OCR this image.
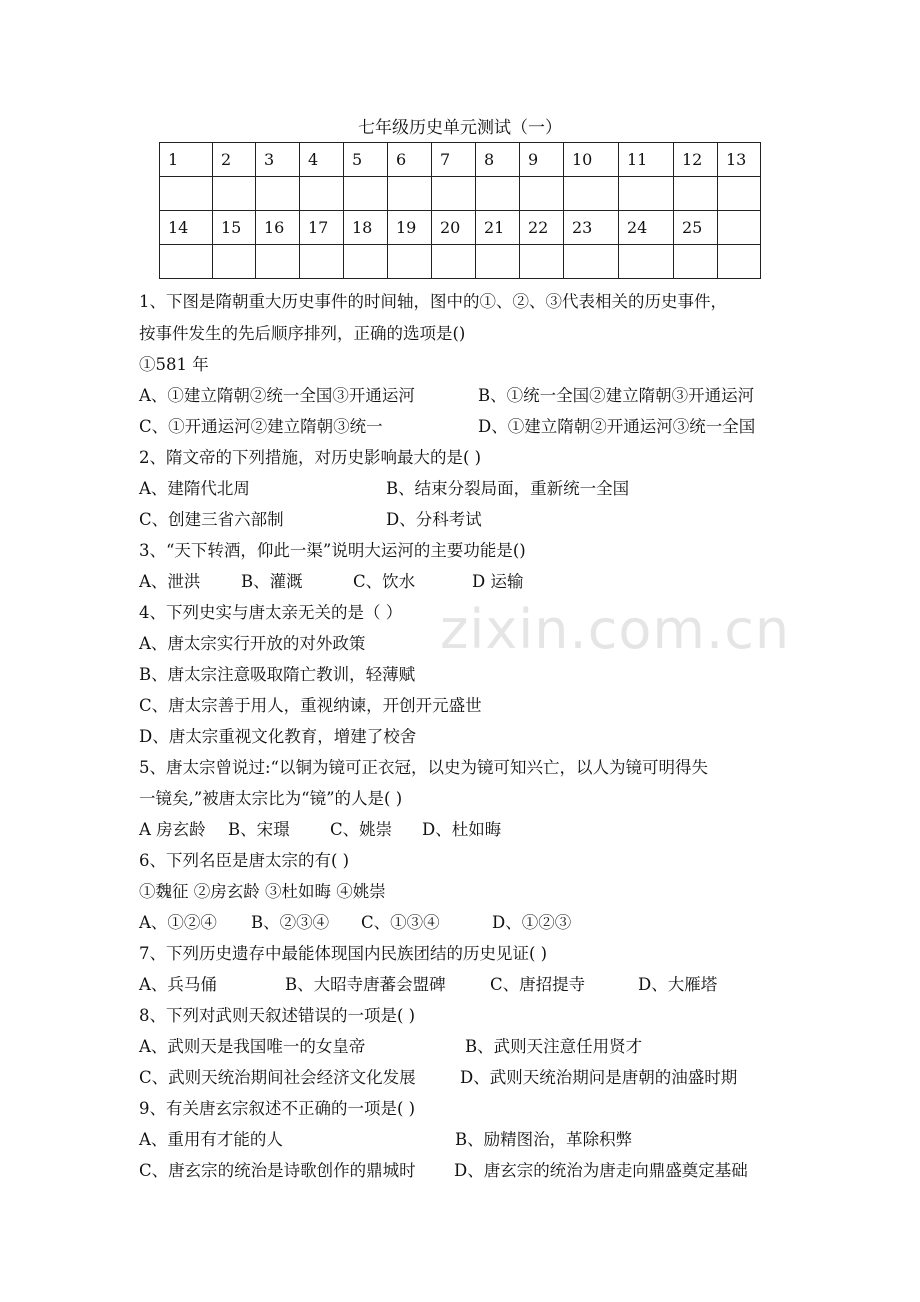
七年级历史单元测试（一）
1	2	3	4	5	6	7	8	9	10	11	12	13

14	15	16	17	18	19	20	21	22	23	24	25	

zixin.com.cn
1、下图是隋朝重大历史事件的时间轴，图中的①、②、③代表相关的历史事件，
按事件发生的先后顺序排列，正确的选项是()
①581 年
A、①建立隋朝②统一全国③开通运河	B、①统一全国②建立隋朝③开通运河
C、①开通运河②建立隋朝③统一	D、①建立隋朝②开通运河③统一全国
2、隋文帝的下列措施，对历史影响最大的是( )
A、建隋代北周	B、结束分裂局面，重新统一全国
C、创建三省六部制	D、分科考试
3、“天下转酒，仰此一渠”说明大运河的主要功能是()
A、泄洪 B、灌溉	C、饮水	D 运输
4、下列史实与唐太亲无关的是（ ）
A、唐太宗实行开放的对外政策
B、唐太宗注意吸取隋亡教训，轻薄赋
C、唐太宗善于用人，重视纳谏，开创开元盛世
D、唐太宗重视文化教育，增建了校舍
5、唐太宗曾说过:“以铜为镜可正衣冠，以史为镜可知兴亡，以人为镜可明得失
一镜矣,”被唐太宗比为“镜”的人是( )
A 房玄龄 B、宋璟 C、姚崇 D、杜如晦
6、下列名臣是唐太宗的有( )
①魏征 ②房玄龄 ③杜如晦 ④姚崇
A、①②④ B、②③④ C、①③④	D、①②③
7、下列历史遗存中最能体现国内民族团结的历史见证( )
A、兵马俑	B、大昭寺唐蕃会盟碑	C、唐招提寺	D、大雁塔
8、下列对武则天叙述错误的一项是( )
A、武则天是我国唯一的女皇帝	B、武则天注意任用贤才
C、武则天统治期间社会经济文化发展	D、武则天统治期问是唐朝的油盛时期
9、有关唐玄宗叙述不正确的一项是( )
A、重用有才能的人	B、励精图治，革除积弊
C、唐玄宗的统治是诗歌创作的鼎城时 D、唐玄宗的统治为唐走向鼎盛奠定基础
